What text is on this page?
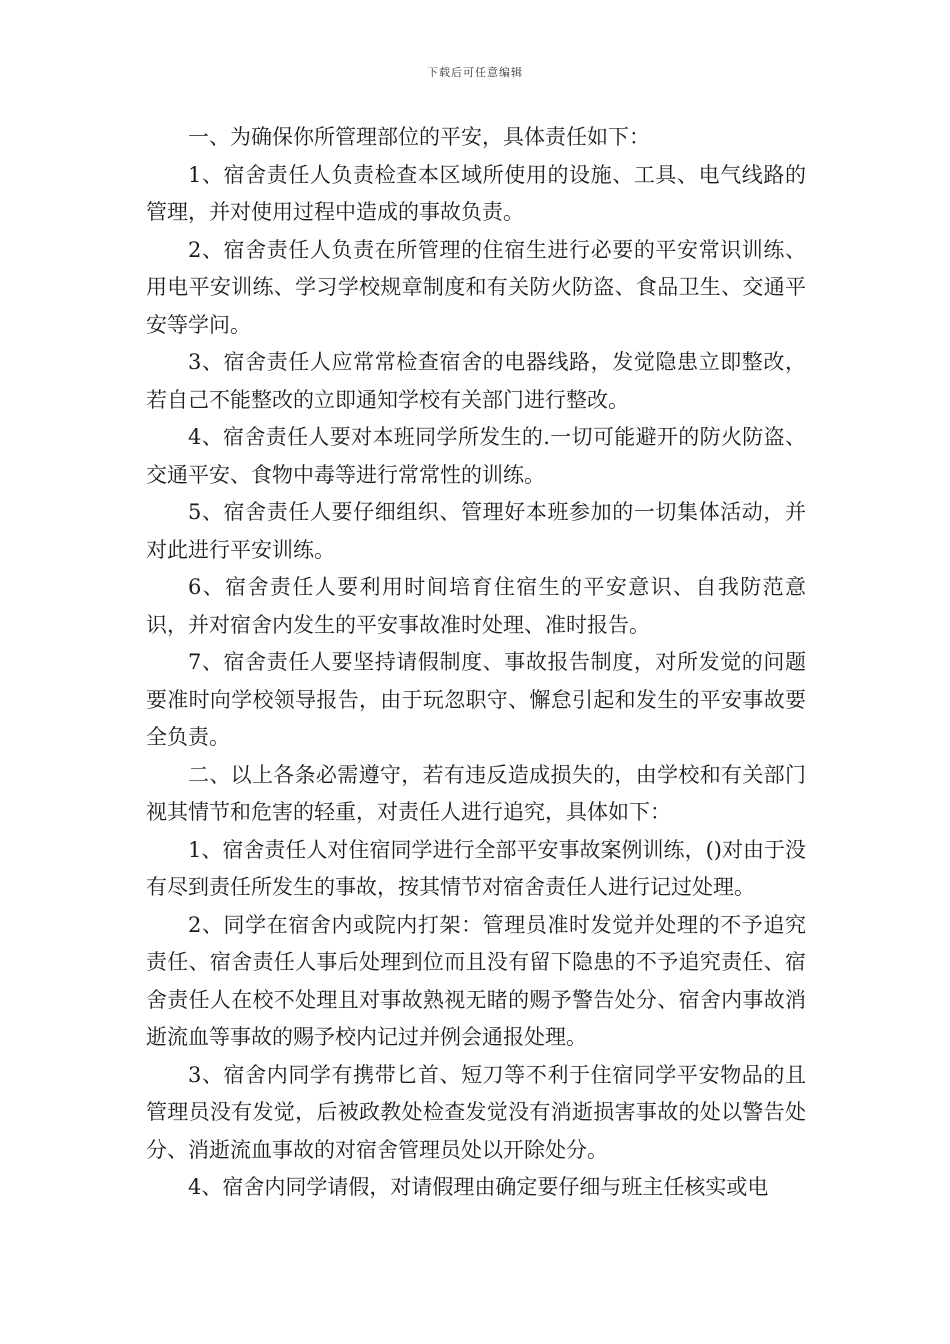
下载后可任意编辑

一、为确保你所管理部位的平安，具体责任如下：

1、宿舍责任人负责检查本区域所使用的设施、工具、电气线路的管理，并对使用过程中造成的事故负责。

2、宿舍责任人负责在所管理的住宿生进行必要的平安常识训练、用电平安训练、学习学校规章制度和有关防火防盗、食品卫生、交通平安等学问。

3、宿舍责任人应常常检查宿舍的电器线路，发觉隐患立即整改，若自己不能整改的立即通知学校有关部门进行整改。

4、宿舍责任人要对本班同学所发生的.一切可能避开的防火防盗、交通平安、食物中毒等进行常常性的训练。

5、宿舍责任人要仔细组织、管理好本班参加的一切集体活动，并对此进行平安训练。

6、宿舍责任人要利用时间培育住宿生的平安意识、自我防范意识，并对宿舍内发生的平安事故准时处理、准时报告。

7、宿舍责任人要坚持请假制度、事故报告制度，对所发觉的问题要准时向学校领导报告，由于玩忽职守、懈怠引起和发生的平安事故要全负责。

二、以上各条必需遵守，若有违反造成损失的，由学校和有关部门视其情节和危害的轻重，对责任人进行追究，具体如下：

1、宿舍责任人对住宿同学进行全部平安事故案例训练，()对由于没有尽到责任所发生的事故，按其情节对宿舍责任人进行记过处理。

2、同学在宿舍内或院内打架：管理员准时发觉并处理的不予追究责任、宿舍责任人事后处理到位而且没有留下隐患的不予追究责任、宿舍责任人在校不处理且对事故熟视无睹的赐予警告处分、宿舍内事故消逝流血等事故的赐予校内记过并例会通报处理。

3、宿舍内同学有携带匕首、短刀等不利于住宿同学平安物品的且管理员没有发觉，后被政教处检查发觉没有消逝损害事故的处以警告处分、消逝流血事故的对宿舍管理员处以开除处分。

4、宿舍内同学请假，对请假理由确定要仔细与班主任核实或电
